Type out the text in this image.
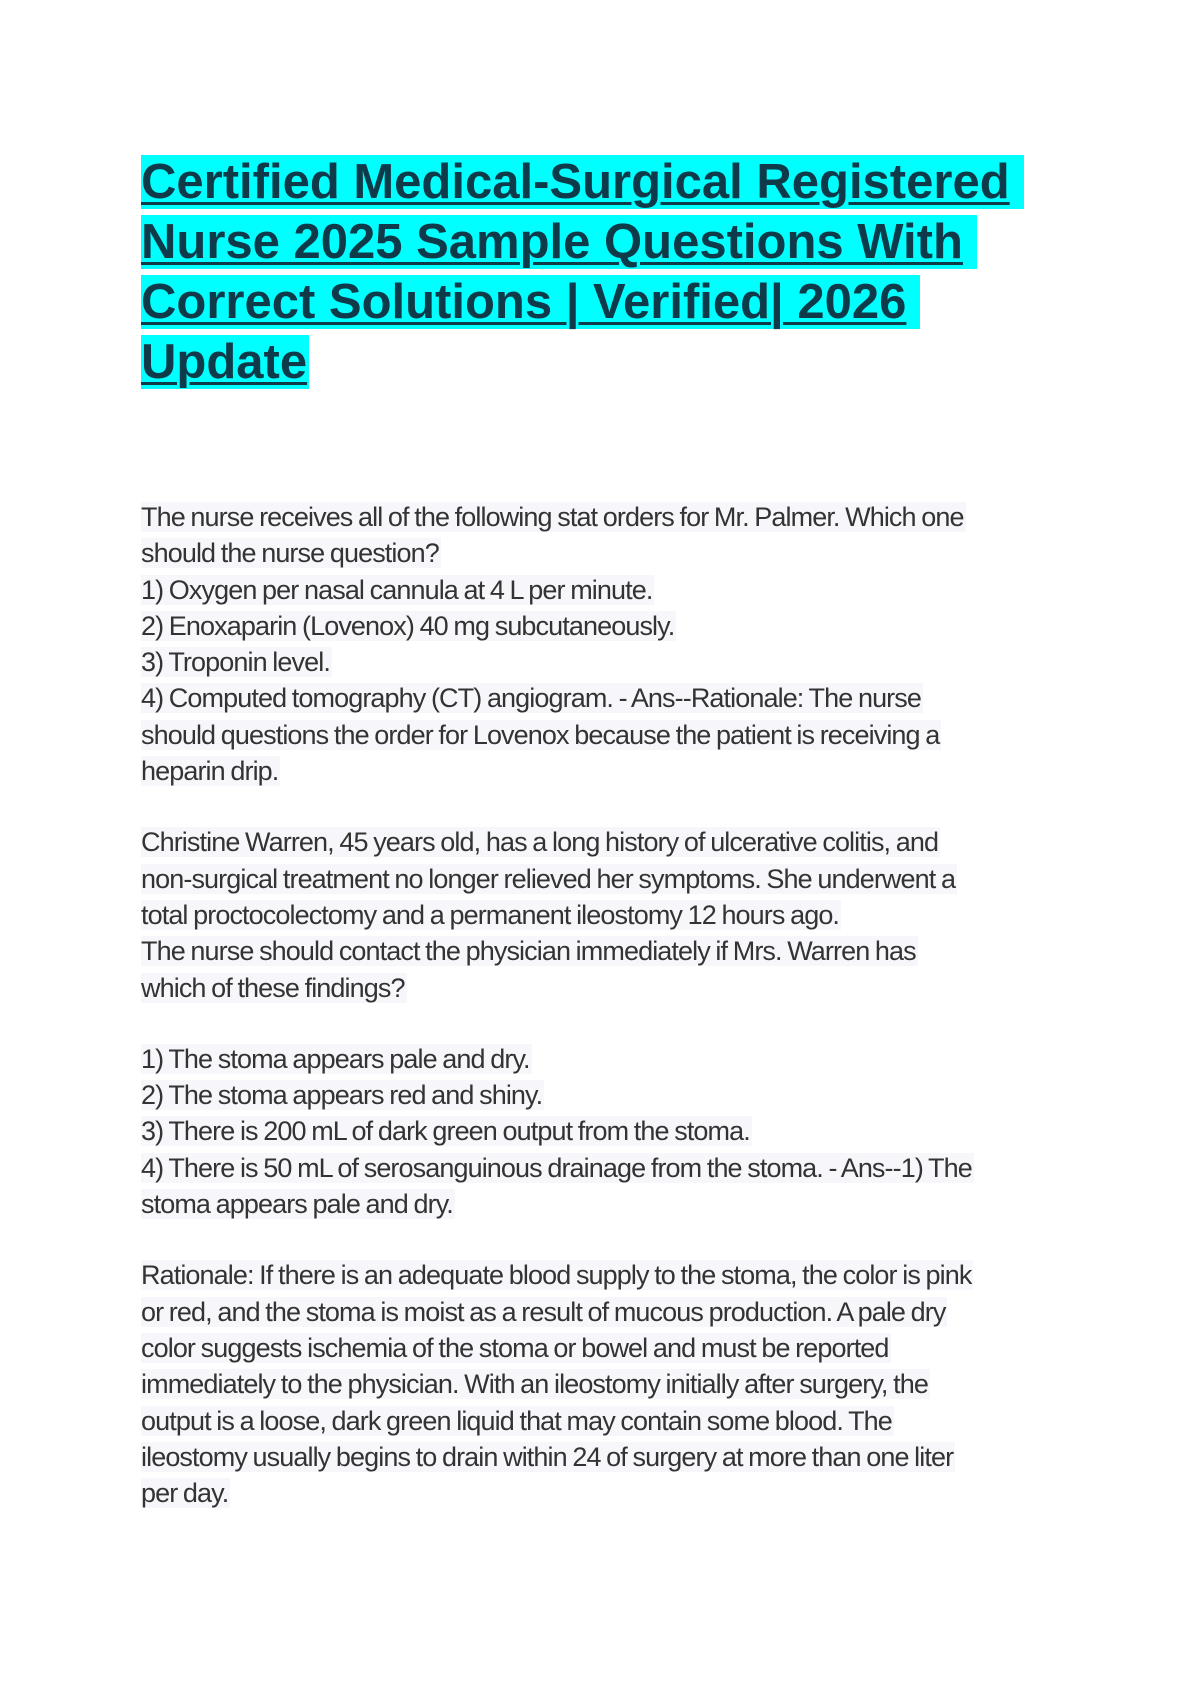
Certified Medical-Surgical Registered
Nurse 2025 Sample Questions With
Correct Solutions | Verified| 2026
Update
The nurse receives all of the following stat orders for Mr. Palmer. Which one
should the nurse question?
1) Oxygen per nasal cannula at 4 L per minute.
2) Enoxaparin (Lovenox) 40 mg subcutaneously.
3) Troponin level.
4) Computed tomography (CT) angiogram. - Ans--Rationale: The nurse
should questions the order for Lovenox because the patient is receiving a
heparin drip.
Christine Warren, 45 years old, has a long history of ulcerative colitis, and
non-surgical treatment no longer relieved her symptoms. She underwent a
total proctocolectomy and a permanent ileostomy 12 hours ago.
The nurse should contact the physician immediately if Mrs. Warren has
which of these findings?
1) The stoma appears pale and dry.
2) The stoma appears red and shiny.
3) There is 200 mL of dark green output from the stoma.
4) There is 50 mL of serosanguinous drainage from the stoma. - Ans--1) The
stoma appears pale and dry.
Rationale: If there is an adequate blood supply to the stoma, the color is pink
or red, and the stoma is moist as a result of mucous production. A pale dry
color suggests ischemia of the stoma or bowel and must be reported
immediately to the physician. With an ileostomy initially after surgery, the
output is a loose, dark green liquid that may contain some blood. The
ileostomy usually begins to drain within 24 of surgery at more than one liter
per day.
